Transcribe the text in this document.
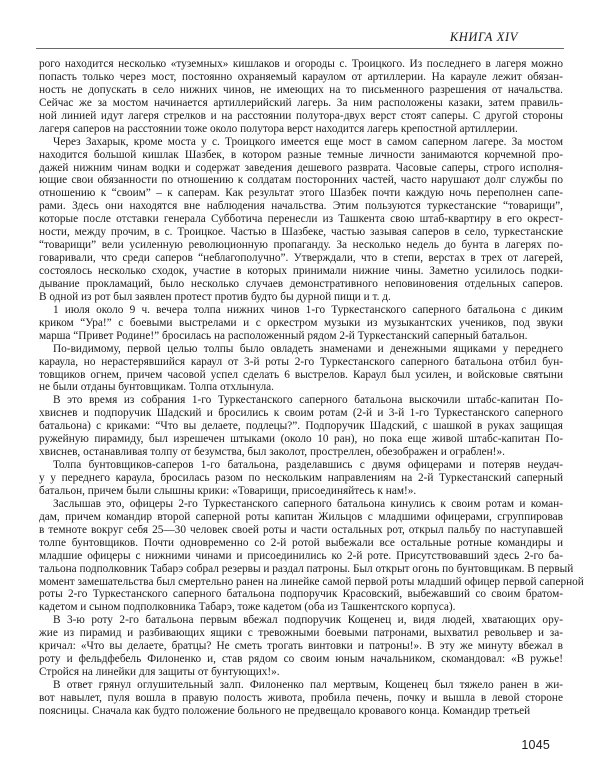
КНИГА XIV
рого находится несколько «туземных» кишлаков и огороды с. Троицкого. Из последнего в лагеря можно
попасть только через мост, постоянно охраняемый караулом от артиллерии. На карауле лежит обязан-
ность не допускать в село нижних чинов, не имеющих на то письменного разрешения от начальства.
Сейчас же за мостом начинается артиллерийский лагерь. За ним расположены казаки, затем правиль-
ной линией идут лагеря стрелков и на расстоянии полутора-двух верст стоят саперы. С другой стороны
лагеря саперов на расстоянии тоже около полутора верст находится лагерь крепостной артиллерии.
Через Захарык, кроме моста у с. Троицкого имеется еще мост в самом саперном лагере. За мостом
находится большой кишлак Шазбек, в котором разные темные личности занимаются корчемной про-
дажей нижним чинам водки и содержат заведения дешевого разврата. Часовые саперы, строго исполня-
ющие свои обязанности по отношению к солдатам посторонних частей, часто нарушают долг службы по
отношению к “своим” – к саперам. Как результат этого Шазбек почти каждую ночь переполнен сапе-
рами. Здесь они находятся вне наблюдения начальства. Этим пользуются туркестанские “товарищи”,
которые после отставки генерала Субботича перенесли из Ташкента свою штаб-квартиру в его окрест-
ности, между прочим, в с. Троицкое. Частью в Шазбеке, частью зазывая саперов в село, туркестанские
“товарищи” вели усиленную революционную пропаганду. За несколько недель до бунта в лагерях по-
говаривали, что среди саперов “неблагополучно”. Утверждали, что в степи, верстах в трех от лагерей,
состоялось несколько сходок, участие в которых принимали нижние чины. Заметно усилилось подки-
дывание прокламаций, было несколько случаев демонстративного неповиновения отдельных саперов.
В одной из рот был заявлен протест против будто бы дурной пищи и т. д.
1 июля около 9 ч. вечера толпа нижних чинов 1-го Туркестанского саперного батальона с диким
криком “Ура!” с боевыми выстрелами и с оркестром музыки из музыкантских учеников, под звуки
марша “Привет Родине!” бросилась на расположенный рядом 2-й Туркестанский саперный батальон.
По-видимому, первой целью толпы было овладеть знаменами и денежными ящиками у переднего
караула, но нерастерявшийся караул от 3-й роты 2-го Туркестанского саперного батальона отбил бун-
товщиков огнем, причем часовой успел сделать 6 выстрелов. Караул был усилен, и войсковые святыни
не были отданы бунтовщикам. Толпа отхлынула.
В это время из собрания 1-го Туркестанского саперного батальона выскочили штабс-капитан По-
хвиснев и подпоручик Шадский и бросились к своим ротам (2-й и 3-й 1-го Туркестанского саперного
батальона) с криками: “Что вы делаете, подлецы?”. Подпоручик Шадский, с шашкой в руках защищая
ружейную пирамиду, был изрешечен штыками (около 10 ран), но пока еще живой штабс-капитан По-
хвиснев, останавливая толпу от безумства, был заколот, простреллен, обезображен и ограблен!».
Толпа бунтовщиков-саперов 1-го батальона, разделавшись с двумя офицерами и потеряв неудач-
у у переднего караула, бросилась разом по нескольким направлениям на 2-й Туркестанский саперный
батальон, причем были слышны крики: «Товарищи, присоединяйтесь к нам!».
Заслышав это, офицеры 2-го Туркестанского саперного батальона кинулись к своим ротам и коман-
дам, причем командир второй саперной роты капитан Жильцов с младшими офицерами, сгруппировав
в темноте вокруг себя 25—30 человек своей роты и части остальных рот, открыл пальбу по наступавшей
толпе бунтовщиков. Почти одновременно со 2-й ротой выбежали все остальные ротные командиры и
младшие офицеры с нижними чинами и присоединились ко 2-й роте. Присутствовавший здесь 2-го ба-
тальона подполковник Табарэ собрал резервы и раздал патроны. Был открыт огонь по бунтовщикам. В первый
момент замешательства был смертельно ранен на линейке самой первой роты младший офицер первой саперной
роты 2-го Туркестанского саперного батальона подпоручик Красовский, выбежавший со своим братом-
кадетом и сыном подполковника Табарэ, тоже кадетом (оба из Ташкентского корпуса).
В 3-ю роту 2-го батальона первым вбежал подпоручик Кощенец и, видя людей, хватающих ору-
жие из пирамид и разбивающих ящики с тревожными боевыми патронами, выхватил револьвер и за-
кричал: «Что вы делаете, братцы? Не сметь трогать винтовки и патроны!». В эту же минуту вбежал в
роту и фельдфебель Филоненко и, став рядом со своим юным начальником, скомандовал: «В ружье!
Стройся на линейки для защиты от бунтующих!».
В ответ грянул оглушительный залп. Филоненко пал мертвым, Кощенец был тяжело ранен в жи-
вот навылет, пуля вошла в правую полость живота, пробила печень, почку и вышла в левой стороне
поясницы. Сначала как будто положение больного не предвещало кровавого конца. Командир третьей
1045
